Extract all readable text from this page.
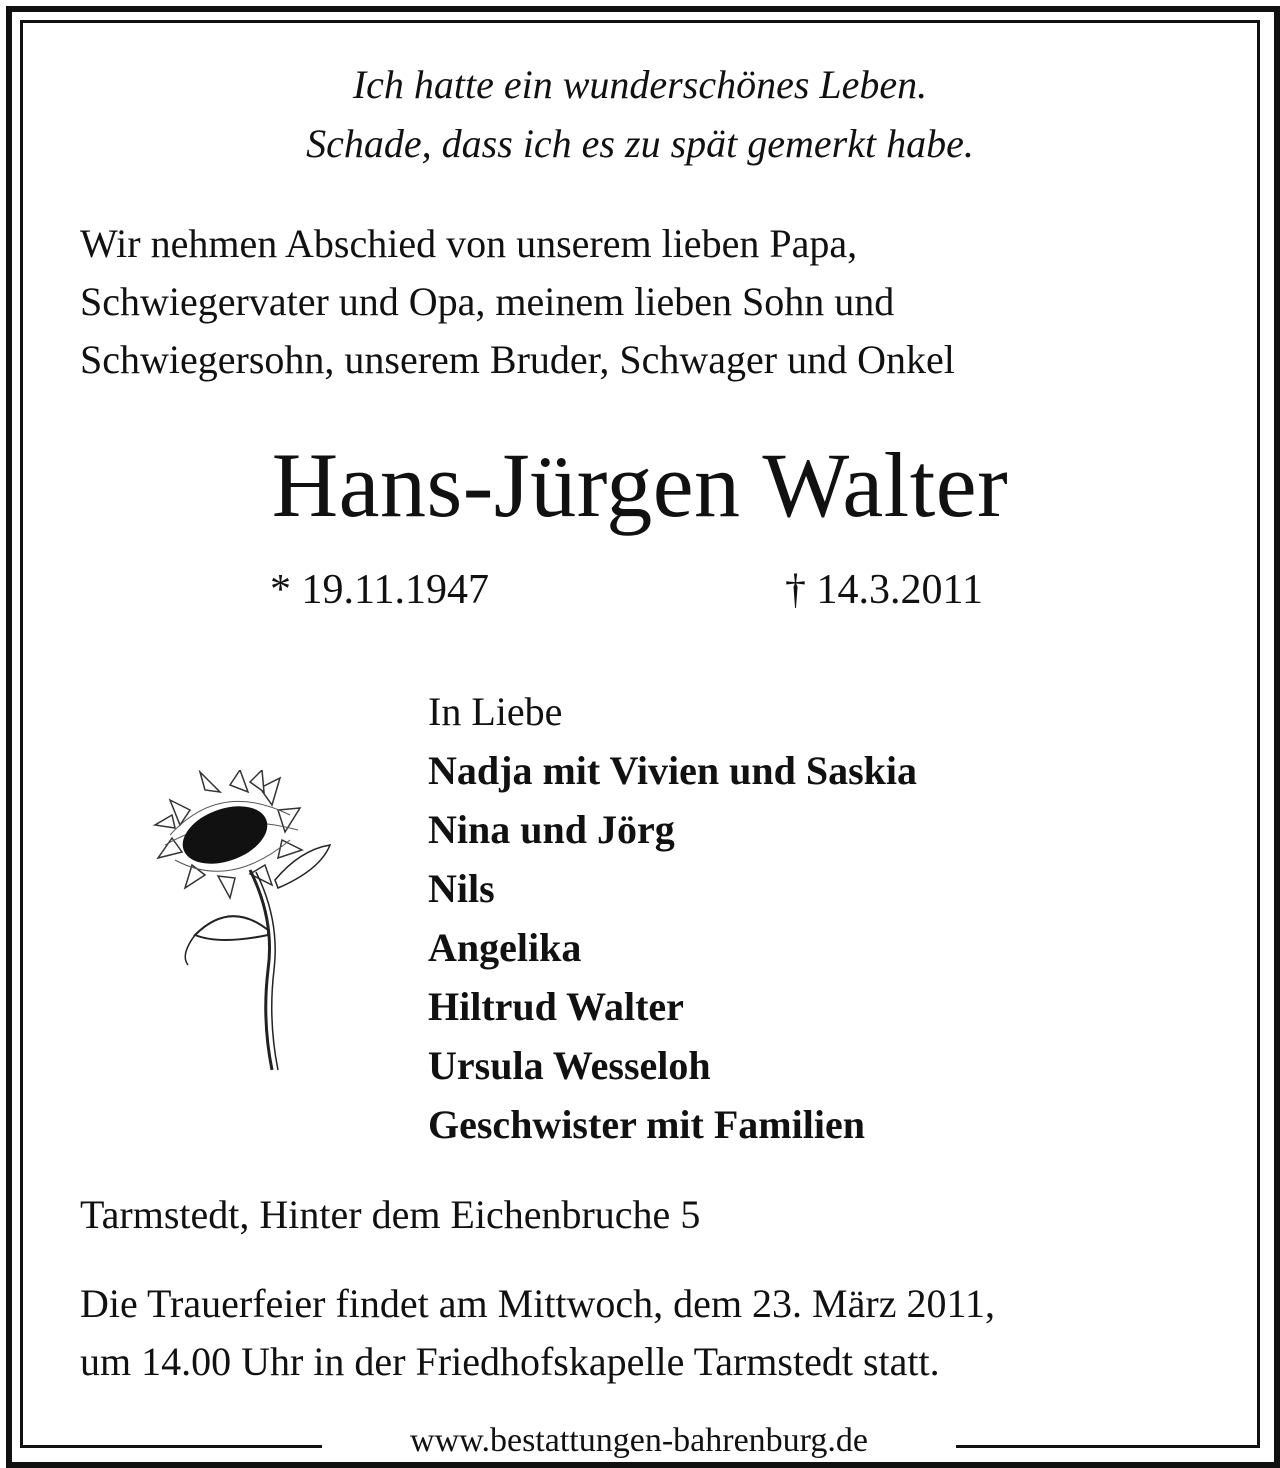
Ich hatte ein wunderschönes Leben.
Schade, dass ich es zu spät gemerkt habe.
Wir nehmen Abschied von unserem lieben Papa,
Schwiegervater und Opa, meinem lieben Sohn und
Schwiegersohn, unserem Bruder, Schwager und Onkel
Hans-Jürgen Walter
* 19.11.1947	† 14.3.2011
In Liebe
Nadja mit Vivien und Saskia
Nina und Jörg
Nils
Angelika
Hiltrud Walter
Ursula Wesseloh
Geschwister mit Familien
Tarmstedt, Hinter dem Eichenbruche 5
Die Trauerfeier findet am Mittwoch, dem 23. März 2011,
um 14.00 Uhr in der Friedhofskapelle Tarmstedt statt.
www.bestattungen-bahrenburg.de
